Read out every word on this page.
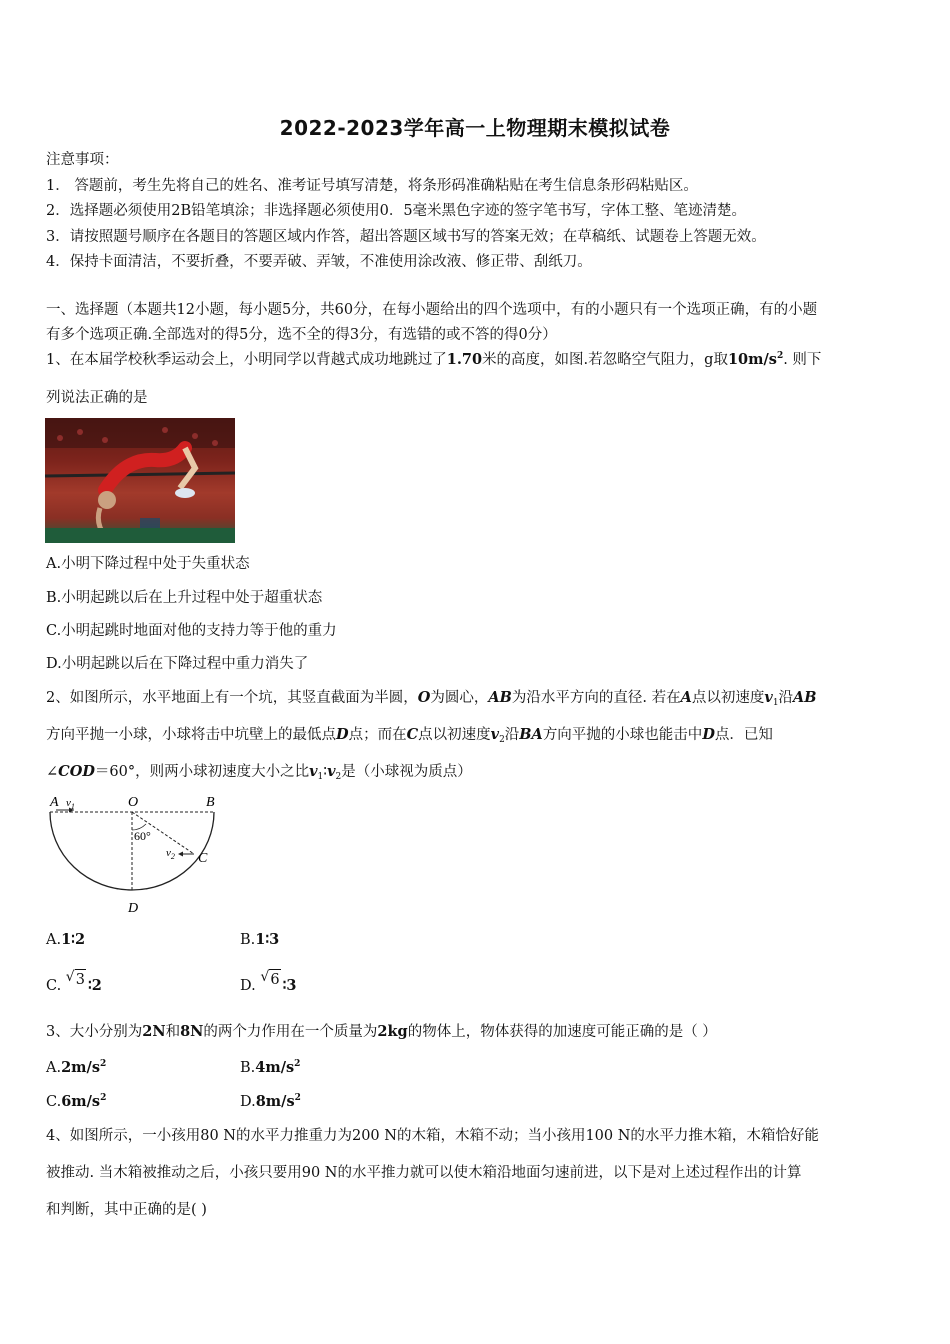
2022-2023学年高一上物理期末模拟试卷
注意事项：
1． 答题前，考生先将自己的姓名、准考证号填写清楚，将条形码准确粘贴在考生信息条形码粘贴区。
2．选择题必须使用2B铅笔填涂；非选择题必须使用0．5毫米黑色字迹的签字笔书写，字体工整、笔迹清楚。
3．请按照题号顺序在各题目的答题区域内作答，超出答题区域书写的答案无效；在草稿纸、试题卷上答题无效。
4．保持卡面清洁，不要折叠，不要弄破、弄皱，不准使用涂改液、修正带、刮纸刀。
一、选择题（本题共12小题，每小题5分，共60分，在每小题给出的四个选项中，有的小题只有一个选项正确，有的小题
有多个选项正确.全部选对的得5分，选不全的得3分，有选错的或不答的得0分）
1、在本届学校秋季运动会上，小明同学以背越式成功地跳过了1.70米的高度，如图.若忽略空气阻力，g取$10m/s^2$. 则下
列说法正确的是
A.小明下降过程中处于失重状态
B.小明起跳以后在上升过程中处于超重状态
C.小明起跳时地面对他的支持力等于他的重力
D.小明起跳以后在下降过程中重力消失了
2、如图所示，水平地面上有一个坑，其竖直截面为半圆，O为圆心，AB为沿水平方向的直径. 若在A点以初速度$v_1$沿AB
方向平抛一小球，小球将击中坑壁上的最低点D点；而在C点以初速度$v_2$沿BA方向平抛的小球也能击中D点．已知
∠COD＝60°，则两小球初速度大小之比$v_1∶v_2$是（小球视为质点）
A $v_1$	O	B
60°
$v_2$ C
D
A.1∶2	B.1∶3
C.
√ 3 ∶2	D.
√ 6 ∶3
3、大小分别为2N和8N的两个力作用在一个质量为2kg的物体上，物体获得的加速度可能正确的是（ ）
$A.2m/s^2$	$B.4m/s^2$
$C.6m/s^2$	$D.8m/s^2$
4、如图所示，一小孩用80 N的水平力推重力为200 N的木箱，木箱不动；当小孩用100 N的水平力推木箱，木箱恰好能
被推动. 当木箱被推动之后，小孩只要用90 N的水平推力就可以使木箱沿地面匀速前进，以下是对上述过程作出的计算
和判断，其中正确的是( )
